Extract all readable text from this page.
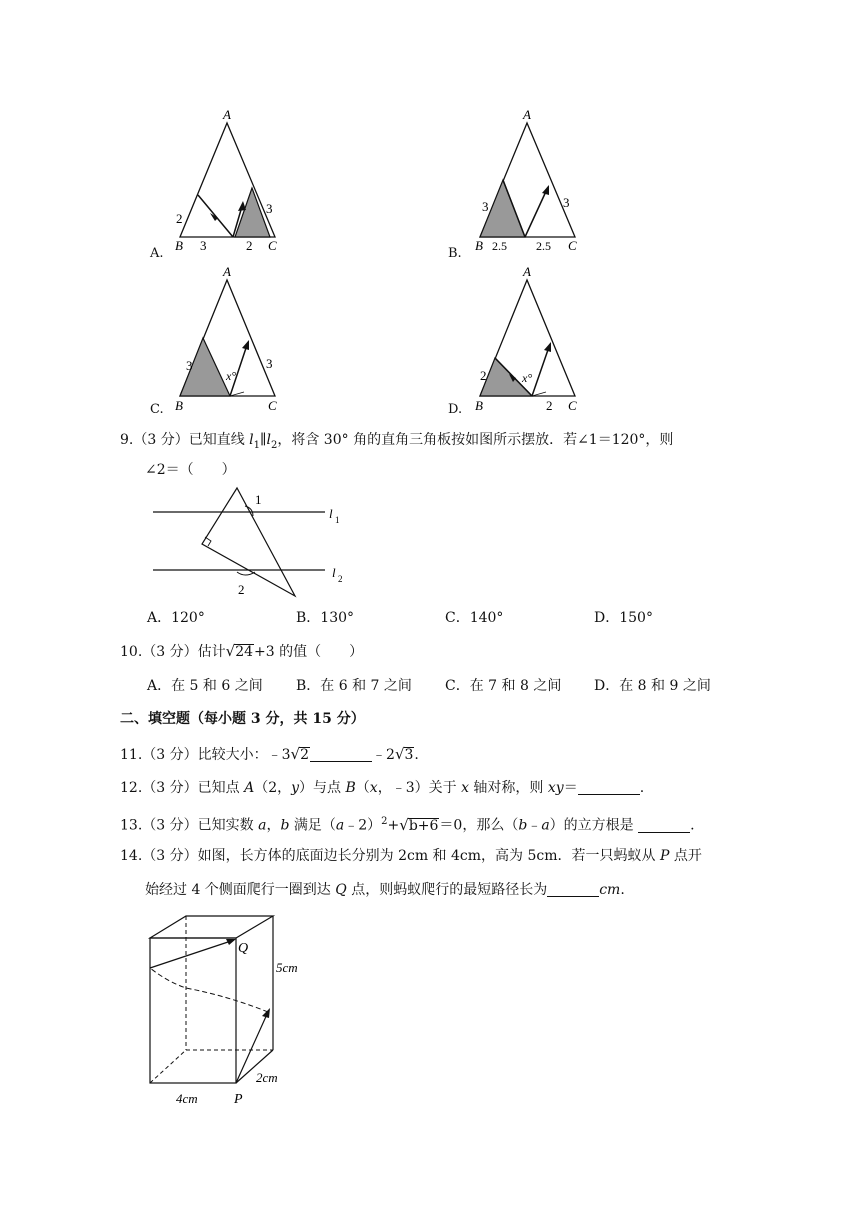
A.
A
B	C
2
3
3	2
B.
A
B	C
3	3
2.5 2.5
C.
A
B	C
3	3
x°
D.
A
B	C
2
2
x°
9.（3 分）已知直线 $l_1\parallel l_2$，将含 30° 角的直角三角板按如图所示摆放．若∠1＝120°，则
∠2＝（　　）
1
2
l 1
l 2
A．120°	B．130°	C．140°	D．150°
10.（3 分）估计√24+3 的值（　　）
A．在 5 和 6 之间 B．在 6 和 7 之间 C．在 7 和 8 之间 D．在 8 和 9 之间
二、填空题（每小题 3 分，共 15 分）
11.（3 分）比较大小：﹣3√2	﹣2√3.
12.（3 分）已知点 A（2，y）与点 B（x，﹣3）关于 x 轴对称，则 xy＝	.
13.（3 分）已知实数 a，b 满足（a﹣2）$^2$+√b+6＝0，那么（b﹣a）的立方根是	.
14.（3 分）如图，长方体的底面边长分别为 2cm 和 4cm，高为 5cm．若一只蚂蚁从 P 点开
始经过 4 个侧面爬行一圈到达 Q 点，则蚂蚁爬行的最短路径长为	cm.
Q
P
5cm
4cm
2cm
